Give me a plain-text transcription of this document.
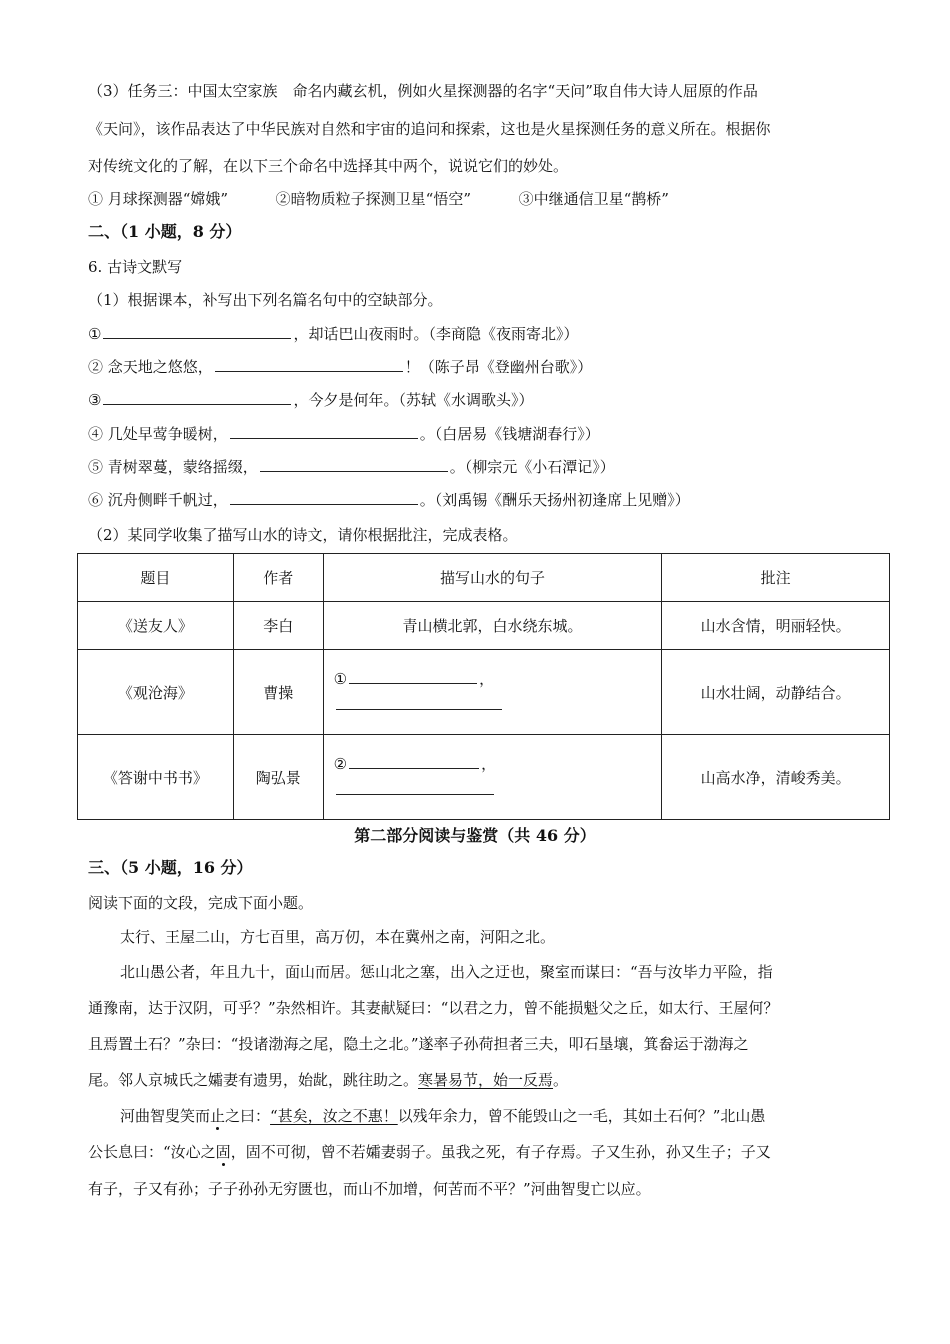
（3）任务三：中国太空家族　命名内藏玄机，例如火星探测器的名字“天问”取自伟大诗人屈原的作品
《天问》，该作品表达了中华民族对自然和宇宙的追问和探索，这也是火星探测任务的意义所在。根据你
对传统文化的了解，在以下三个命名中选择其中两个，说说它们的妙处。
① 月球探测器“嫦娥”	②暗物质粒子探测卫星“悟空”	③中继通信卫星“鹊桥”
二、（1 小题，8 分）
6. 古诗文默写
（1）根据课本，补写出下列名篇名句中的空缺部分。
①	，却话巴山夜雨时。（李商隐《夜雨寄北》）
② 念天地之悠悠，	！（陈子昂《登幽州台歌》）
③	，今夕是何年。（苏轼《水调歌头》）
④ 几处早莺争暖树，	。（白居易《钱塘湖春行》）
⑤ 青树翠蔓，蒙络摇缀，	。（柳宗元《小石潭记》）
⑥ 沉舟侧畔千帆过，	。（刘禹锡《酬乐天扬州初逢席上见赠》）
（2）某同学收集了描写山水的诗文，请你根据批注，完成表格。
题目	作者	描写山水的句子	批注
《送友人》	李白	青山横北郭，白水绕东城。	山水含情，明丽轻快。
《观沧海》	曹操	① ，	山水壮阔，动静结合。
《答谢中书书》	陶弘景	② ，	山高水净，清峻秀美。
第二部分阅读与鉴赏（共 46 分）
三、（5 小题，16 分）
阅读下面的文段，完成下面小题。
太行、王屋二山，方七百里，高万仞，本在冀州之南，河阳之北。
北山愚公者，年且九十，面山而居。惩山北之塞，出入之迂也，聚室而谋曰：“吾与汝毕力平险，指
通豫南，达于汉阴，可乎？”杂然相许。其妻献疑曰：“以君之力，曾不能损魁父之丘，如太行、王屋何？
且焉置土石？”杂曰：“投诸渤海之尾，隐土之北。”遂率子孙荷担者三夫，叩石垦壤，箕畚运于渤海之
尾。邻人京城氏之孀妻有遗男，始龀，跳往助之。寒暑易节，始一反焉。
河曲智叟笑而止之曰：“甚矣，汝之不惠！以残年余力，曾不能毁山之一毛，其如土石何？”北山愚
公长息曰：“汝心之固，固不可彻，曾不若孀妻弱子。虽我之死，有子存焉。子又生孙，孙又生子；子又
有子，子又有孙；子子孙孙无穷匮也，而山不加增，何苦而不平？”河曲智叟亡以应。
